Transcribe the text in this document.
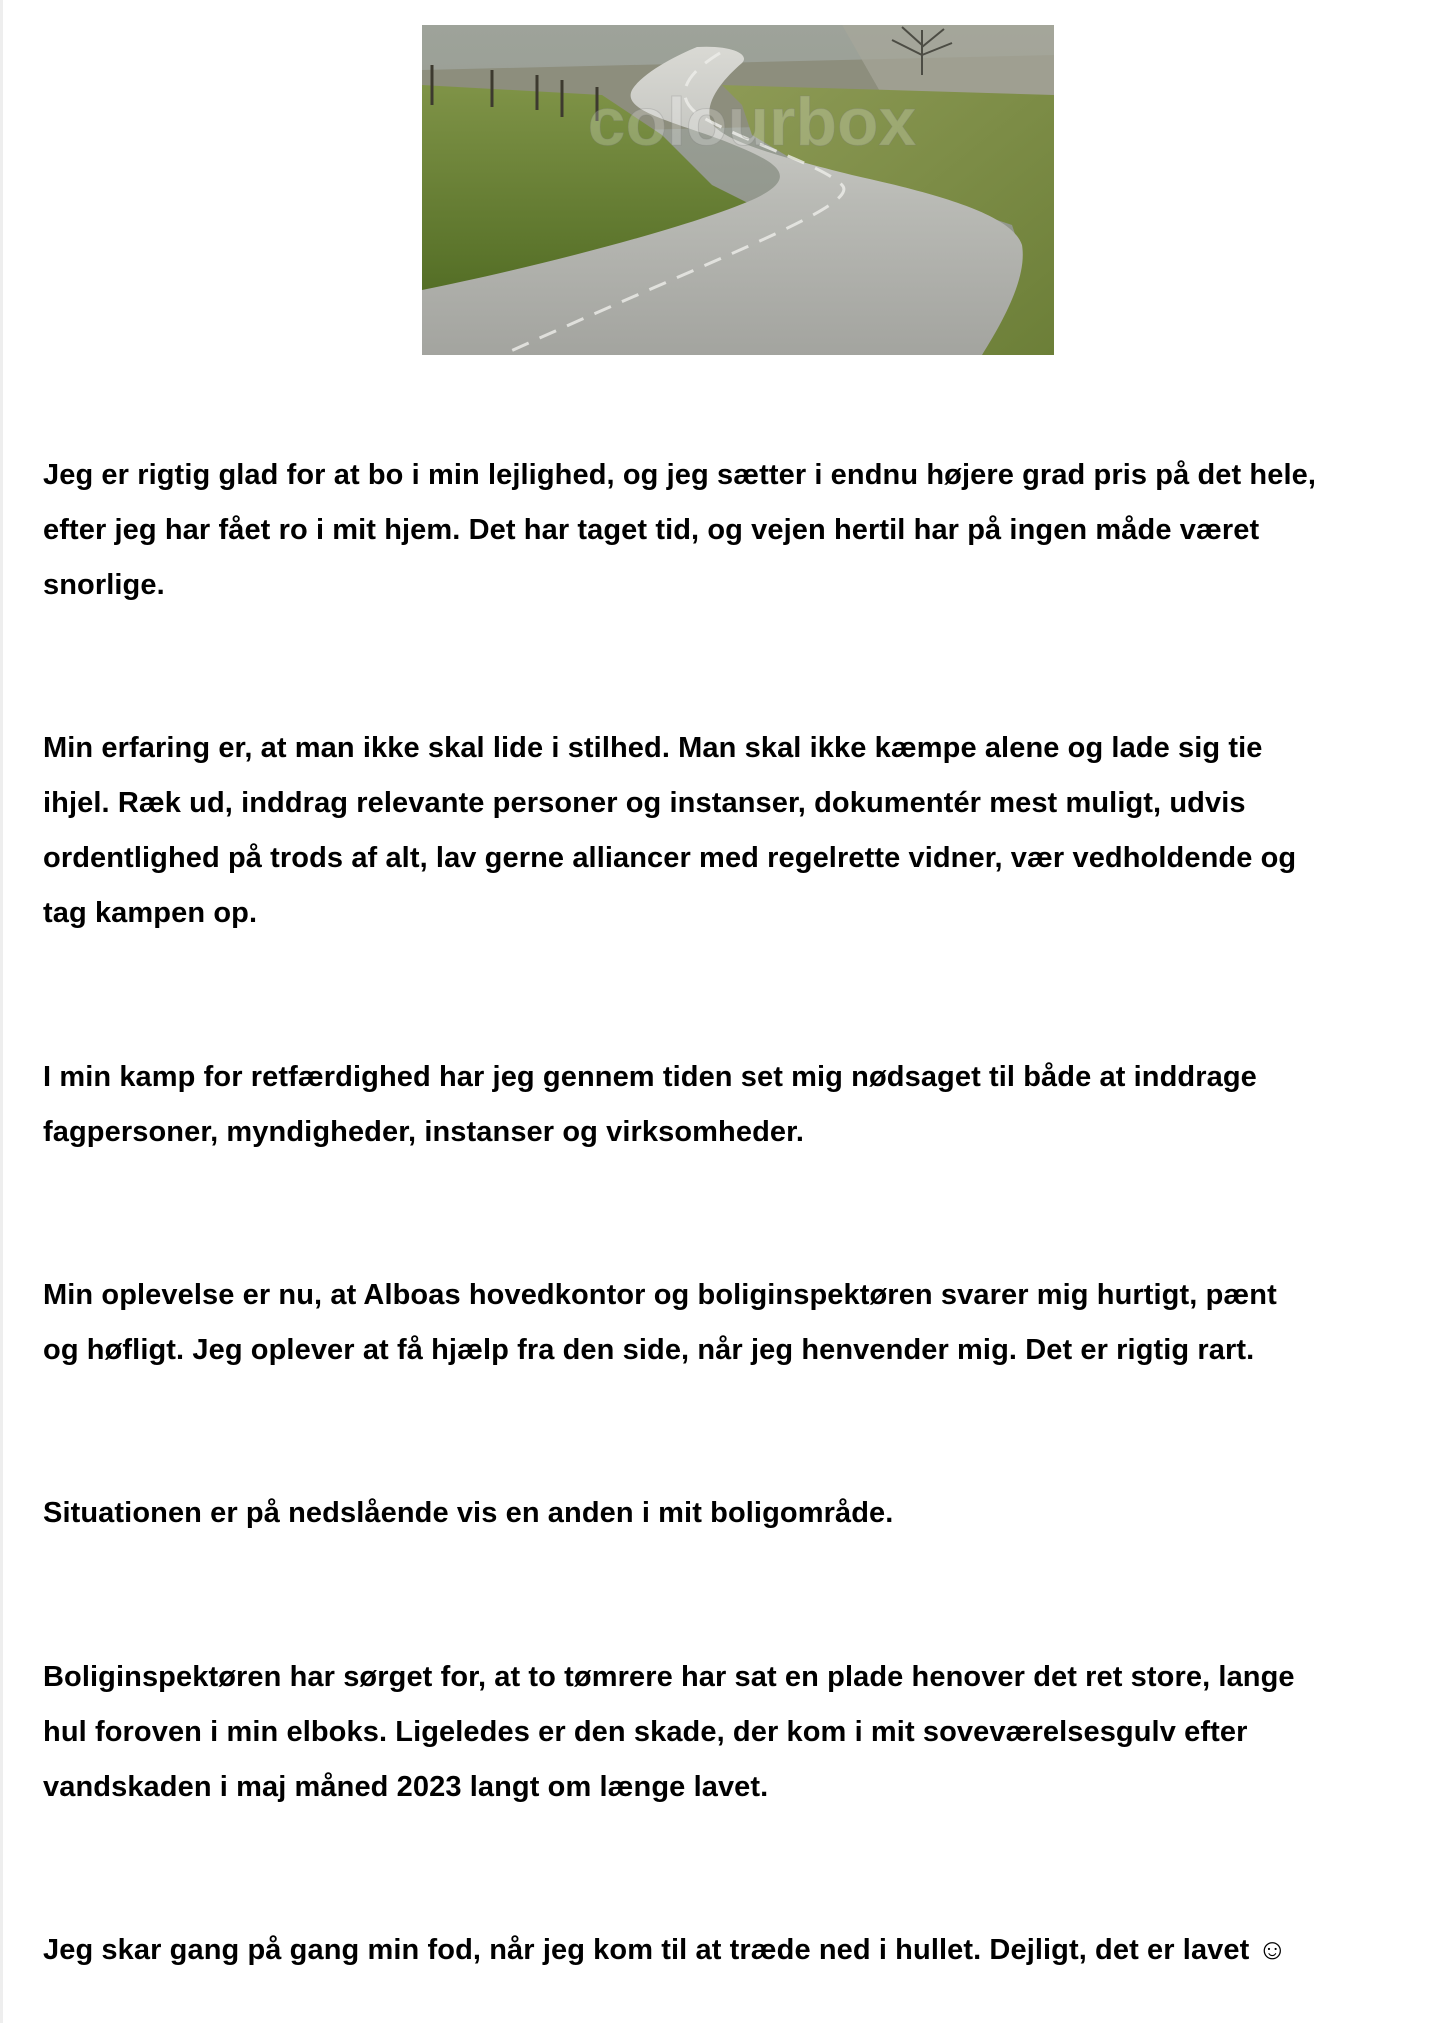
colourbox

Jeg er rigtig glad for at bo i min lejlighed, og jeg sætter i endnu højere grad pris på det hele,
efter jeg har fået ro i mit hjem. Det har taget tid, og vejen hertil har på ingen måde været
snorlige.

Min erfaring er, at man ikke skal lide i stilhed. Man skal ikke kæmpe alene og lade sig tie
ihjel. Ræk ud, inddrag relevante personer og instanser, dokumentér mest muligt, udvis
ordentlighed på trods af alt, lav gerne alliancer med regelrette vidner, vær vedholdende og
tag kampen op.

I min kamp for retfærdighed har jeg gennem tiden set mig nødsaget til både at inddrage
fagpersoner, myndigheder, instanser og virksomheder.

Min oplevelse er nu, at Alboas hovedkontor og boliginspektøren svarer mig hurtigt, pænt
og høfligt. Jeg oplever at få hjælp fra den side, når jeg henvender mig. Det er rigtig rart.

Situationen er på nedslående vis en anden i mit boligområde.

Boliginspektøren har sørget for, at to tømrere har sat en plade henover det ret store, lange
hul foroven i min elboks. Ligeledes er den skade, der kom i mit soveværelsesgulv efter
vandskaden i maj måned 2023 langt om længe lavet.

Jeg skar gang på gang min fod, når jeg kom til at træde ned i hullet. Dejligt, det er lavet ☺
